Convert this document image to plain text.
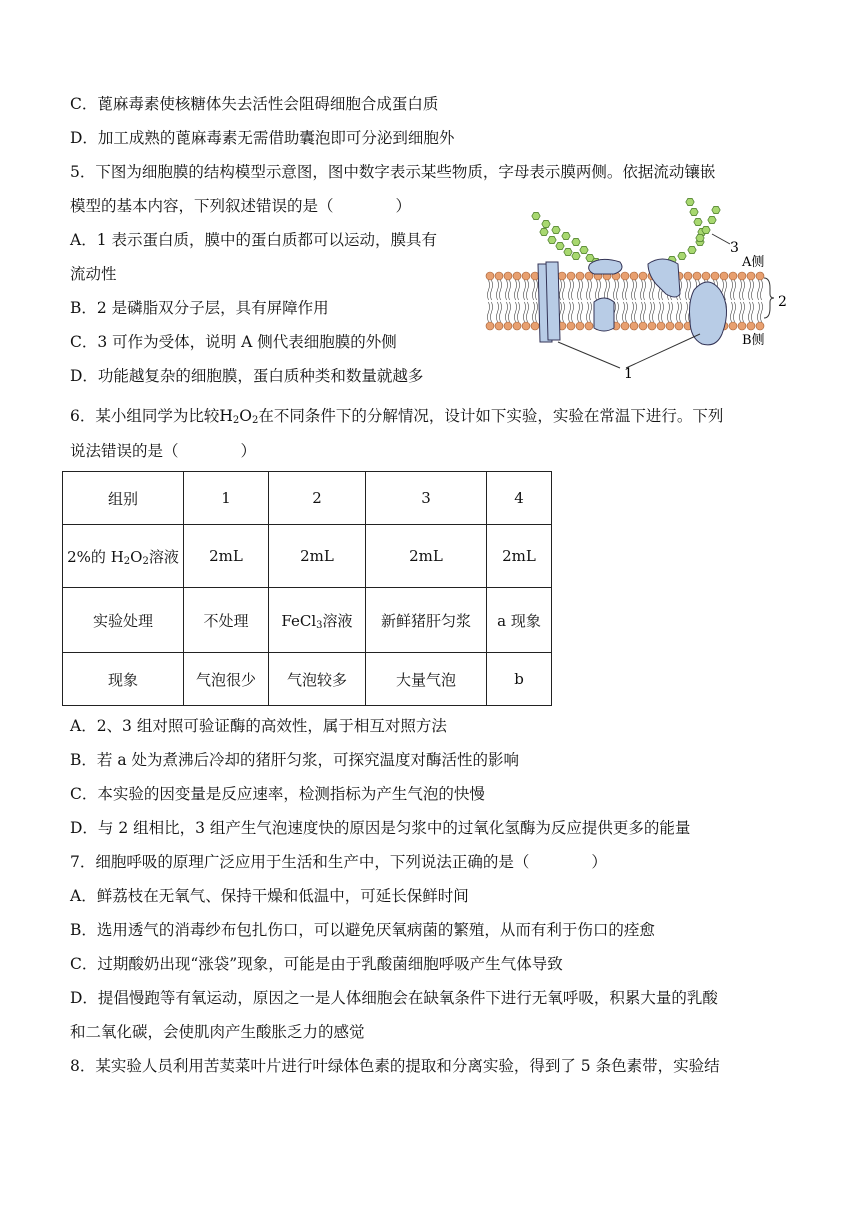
C．蓖麻毒素使核糖体失去活性会阻碍细胞合成蛋白质
D．加工成熟的蓖麻毒素无需借助囊泡即可分泌到细胞外
5．下图为细胞膜的结构模型示意图，图中数字表示某些物质，字母表示膜两侧。依据流动镶嵌
模型的基本内容，下列叙述错误的是（　　　　）
A．1 表示蛋白质，膜中的蛋白质都可以运动，膜具有
流动性
B．2 是磷脂双分子层，具有屏障作用
C．3 可作为受体，说明 A 侧代表细胞膜的外侧
D．功能越复杂的细胞膜，蛋白质种类和数量就越多	1
2
3
A侧
B侧
6．某小组同学为比较$H_2O_2$在不同条件下的分解情况，设计如下实验，实验在常温下进行。下列
说法错误的是（　　　　）
组别	1	2	3	4
2%的 $H_2O_2$溶液	2mL	2mL	2mL	2mL
实验处理	不处理	FeCl$_3$溶液	新鲜猪肝匀浆	a 现象
现象	气泡很少	气泡较多	大量气泡	b
A．2、3 组对照可验证酶的高效性，属于相互对照方法
B．若 a 处为煮沸后冷却的猪肝匀浆，可探究温度对酶活性的影响
C．本实验的因变量是反应速率，检测指标为产生气泡的快慢
D．与 2 组相比，3 组产生气泡速度快的原因是匀浆中的过氧化氢酶为反应提供更多的能量
7．细胞呼吸的原理广泛应用于生活和生产中，下列说法正确的是（　　　　）
A．鲜荔枝在无氧气、保持干燥和低温中，可延长保鲜时间
B．选用透气的消毒纱布包扎伤口，可以避免厌氧病菌的繁殖，从而有利于伤口的痊愈
C．过期酸奶出现“涨袋”现象，可能是由于乳酸菌细胞呼吸产生气体导致
D．提倡慢跑等有氧运动，原因之一是人体细胞会在缺氧条件下进行无氧呼吸，积累大量的乳酸
和二氧化碳，会使肌肉产生酸胀乏力的感觉
8．某实验人员利用苦荬菜叶片进行叶绿体色素的提取和分离实验，得到了 5 条色素带，实验结
